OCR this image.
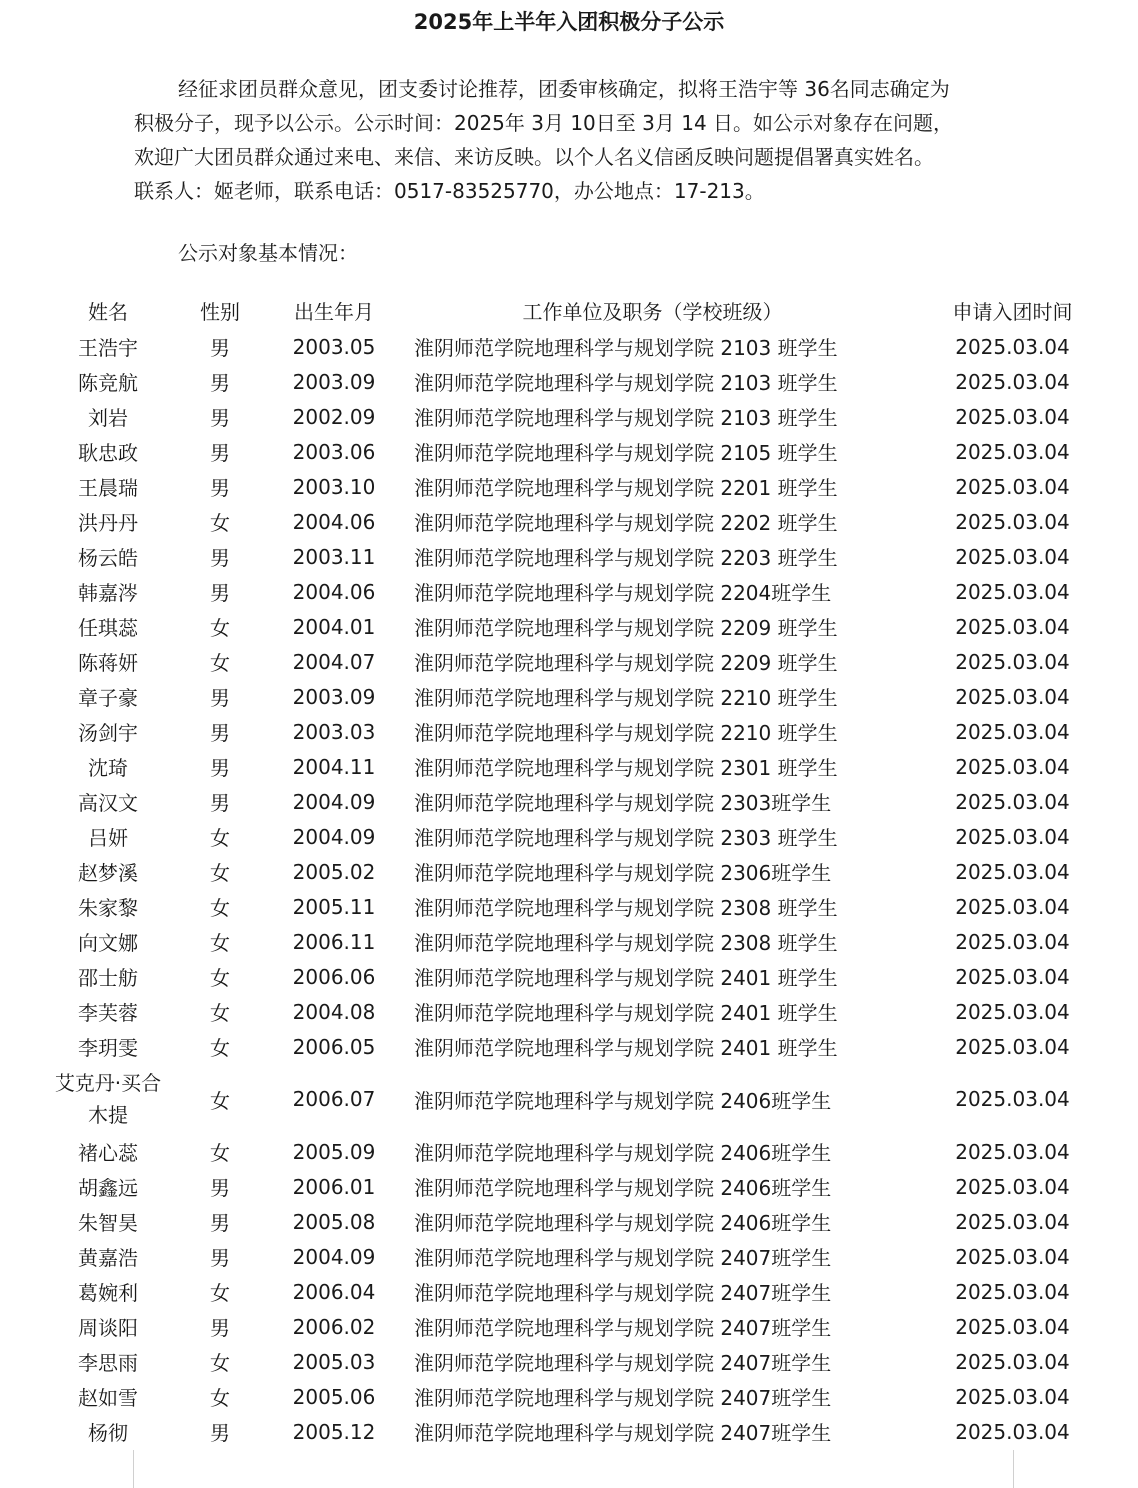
2025年上半年入团积极分子公示

经征求团员群众意见，团支委讨论推荐，团委审核确定，拟将王浩宇等 36名同志确定为

积极分子，现予以公示。公示时间：2025年 3月 10日至 3月 14 日。如公示对象存在问题，

欢迎广大团员群众通过来电、来信、来访反映。以个人名义信函反映问题提倡署真实姓名。

联系人：姬老师，联系电话：0517-83525770，办公地点：17-213。

公示对象基本情况：
姓名	性别	出生年月	工作单位及职务（学校班级）	申请入团时间
王浩宇	男	2003.05	淮阴师范学院地理科学与规划学院 2103 班学生	2025.03.04
陈竞航	男	2003.09	淮阴师范学院地理科学与规划学院 2103 班学生	2025.03.04
刘岩	男	2002.09	淮阴师范学院地理科学与规划学院 2103 班学生	2025.03.04
耿忠政	男	2003.06	淮阴师范学院地理科学与规划学院 2105 班学生	2025.03.04
王晨瑞	男	2003.10	淮阴师范学院地理科学与规划学院 2201 班学生	2025.03.04
洪丹丹	女	2004.06	淮阴师范学院地理科学与规划学院 2202 班学生	2025.03.04
杨云皓	男	2003.11	淮阴师范学院地理科学与规划学院 2203 班学生	2025.03.04
韩嘉涔	男	2004.06	淮阴师范学院地理科学与规划学院 2204班学生	2025.03.04
任琪蕊	女	2004.01	淮阴师范学院地理科学与规划学院 2209 班学生	2025.03.04
陈蒋妍	女	2004.07	淮阴师范学院地理科学与规划学院 2209 班学生	2025.03.04
章子豪	男	2003.09	淮阴师范学院地理科学与规划学院 2210 班学生	2025.03.04
汤剑宇	男	2003.03	淮阴师范学院地理科学与规划学院 2210 班学生	2025.03.04
沈琦	男	2004.11	淮阴师范学院地理科学与规划学院 2301 班学生	2025.03.04
高汉文	男	2004.09	淮阴师范学院地理科学与规划学院 2303班学生	2025.03.04
吕妍	女	2004.09	淮阴师范学院地理科学与规划学院 2303 班学生	2025.03.04
赵梦溪	女	2005.02	淮阴师范学院地理科学与规划学院 2306班学生	2025.03.04
朱家黎	女	2005.11	淮阴师范学院地理科学与规划学院 2308 班学生	2025.03.04
向文娜	女	2006.11	淮阴师范学院地理科学与规划学院 2308 班学生	2025.03.04
邵士舫	女	2006.06	淮阴师范学院地理科学与规划学院 2401 班学生	2025.03.04
李芙蓉	女	2004.08	淮阴师范学院地理科学与规划学院 2401 班学生	2025.03.04
李玥雯	女	2006.05	淮阴师范学院地理科学与规划学院 2401 班学生	2025.03.04
艾克丹·买合木提
女	2006.07	淮阴师范学院地理科学与规划学院 2406班学生	2025.03.04
褚心蕊	女	2005.09	淮阴师范学院地理科学与规划学院 2406班学生	2025.03.04
胡鑫远	男	2006.01	淮阴师范学院地理科学与规划学院 2406班学生	2025.03.04
朱智昊	男	2005.08	淮阴师范学院地理科学与规划学院 2406班学生	2025.03.04
黄嘉浩	男	2004.09	淮阴师范学院地理科学与规划学院 2407班学生	2025.03.04
葛婉利	女	2006.04	淮阴师范学院地理科学与规划学院 2407班学生	2025.03.04
周谈阳	男	2006.02	淮阴师范学院地理科学与规划学院 2407班学生	2025.03.04
李思雨	女	2005.03	淮阴师范学院地理科学与规划学院 2407班学生	2025.03.04
赵如雪	女	2005.06	淮阴师范学院地理科学与规划学院 2407班学生	2025.03.04
杨彻	男	2005.12	淮阴师范学院地理科学与规划学院 2407班学生	2025.03.04
